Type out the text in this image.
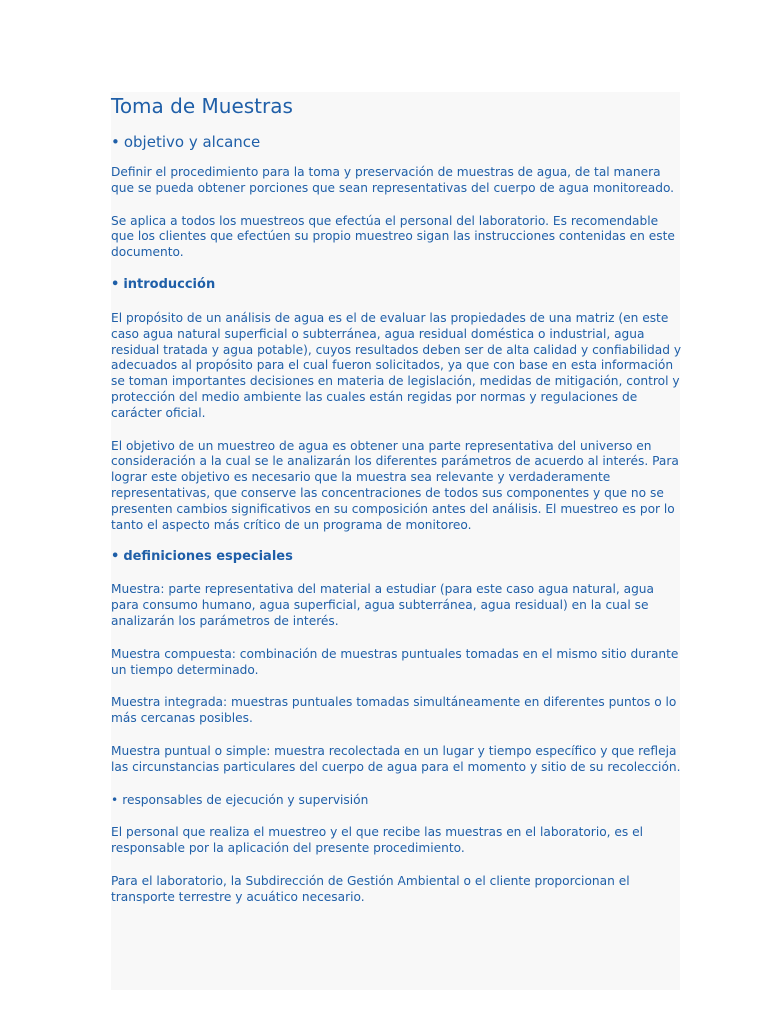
Toma de Muestras
• objetivo y alcance

Definir el procedimiento para la toma y preservación de muestras de agua, de tal manera que se pueda obtener porciones que sean representativas del cuerpo de agua monitoreado.

Se aplica a todos los muestreos que efectúa el personal del laboratorio. Es recomendable que los clientes que efectúen su propio muestreo sigan las instrucciones contenidas en este documento.

• introducción

El propósito de un análisis de agua es el de evaluar las propiedades de una matriz (en este caso agua natural superficial o subterránea, agua residual doméstica o industrial, agua residual tratada y agua potable), cuyos resultados deben ser de alta calidad y confiabilidad y adecuados al propósito para el cual fueron solicitados, ya que con base en esta información se toman importantes decisiones en materia de legislación, medidas de mitigación, control y protección del medio ambiente las cuales están regidas por normas y regulaciones de carácter oficial.

El objetivo de un muestreo de agua es obtener una parte representativa del universo en consideración a la cual se le analizarán los diferentes parámetros de acuerdo al interés. Para lograr este objetivo es necesario que la muestra sea relevante y verdaderamente representativas, que conserve las concentraciones de todos sus componentes y que no se presenten cambios significativos en su composición antes del análisis. El muestreo es por lo tanto el aspecto más crítico de un programa de monitoreo.

• definiciones especiales

Muestra: parte representativa del material a estudiar (para este caso agua natural, agua para consumo humano, agua superficial, agua subterránea, agua residual) en la cual se analizarán los parámetros de interés.

Muestra compuesta: combinación de muestras puntuales tomadas en el mismo sitio durante un tiempo determinado.

Muestra integrada: muestras puntuales tomadas simultáneamente en diferentes puntos o lo más cercanas posibles.

Muestra puntual o simple: muestra recolectada en un lugar y tiempo específico y que refleja las circunstancias particulares del cuerpo de agua para el momento y sitio de su recolección.

• responsables de ejecución y supervisión

El personal que realiza el muestreo y el que recibe las muestras en el laboratorio, es el responsable por la aplicación del presente procedimiento.

Para el laboratorio, la Subdirección de Gestión Ambiental o el cliente proporcionan el transporte terrestre y acuático necesario.
